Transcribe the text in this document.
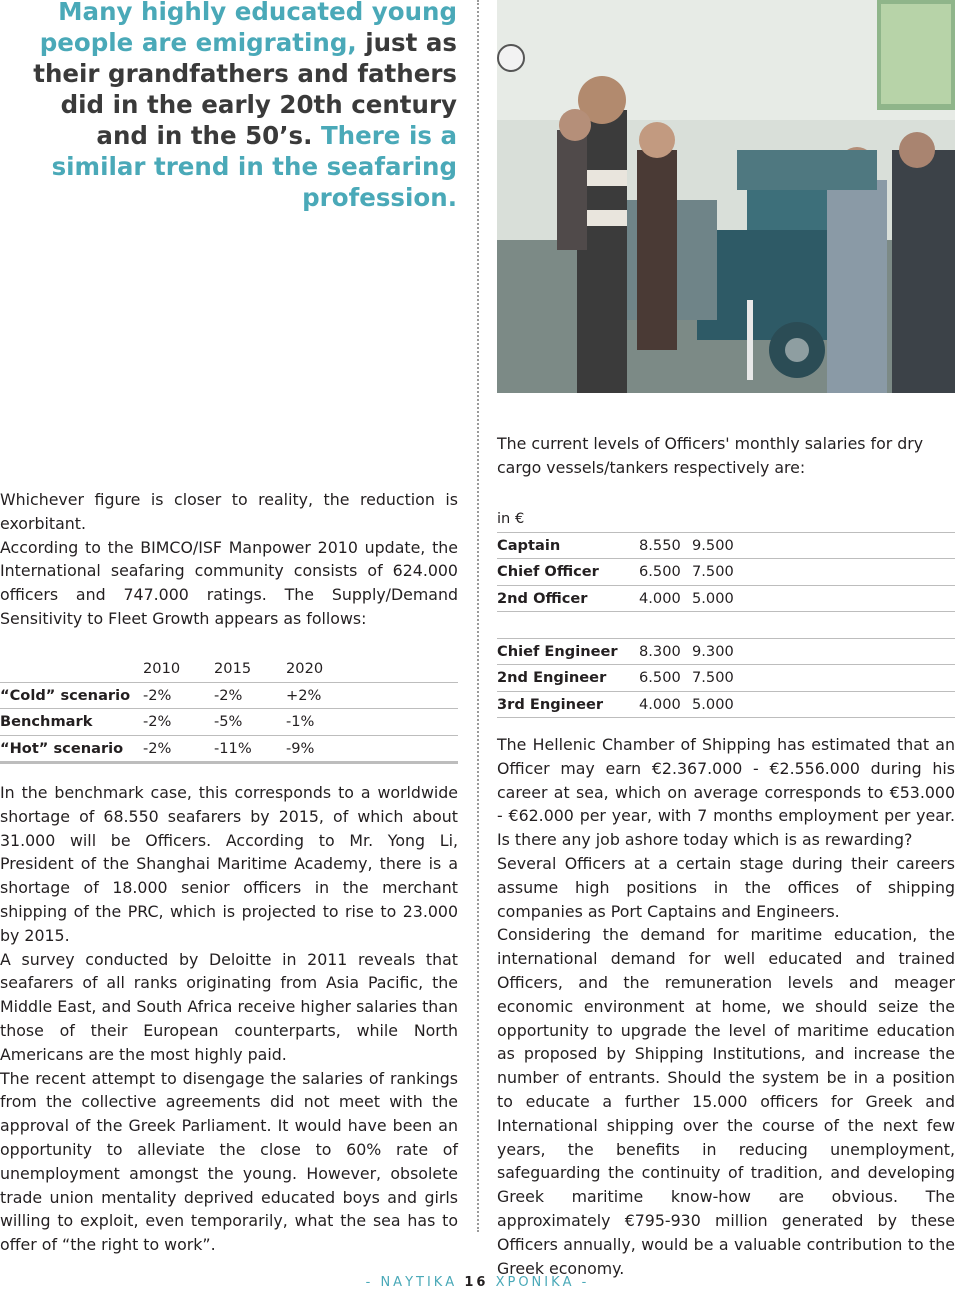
Many highly educated young people are emigrating, just as their grandfathers and fathers did in the early 20th century and in the 50’s. There is a similar trend in the seafaring profession.

Whichever figure is closer to reality, the reduction is exorbitant.

According to the BIMCO/ISF Manpower 2010 update, the International seafaring community consists of 624.000 officers and 747.000 ratings. The Supply/Demand Sensitivity to Fleet Growth appears as follows:

	2010	2015	2020
“Cold” scenario	-2%	-2%	+2%
Benchmark	-2%	-5%	-1%
“Hot” scenario	-2%	-11%	-9%

In the benchmark case, this corresponds to a worldwide shortage of 68.550 seafarers by 2015, of which about 31.000 will be Officers. According to Mr. Yong Li, President of the Shanghai Maritime Academy, there is a shortage of 18.000 senior officers in the merchant shipping of the PRC, which is projected to rise to 23.000 by 2015.

A survey conducted by Deloitte in 2011 reveals that seafarers of all ranks originating from Asia Pacific, the Middle East, and South Africa receive higher salaries than those of their European counterparts, while North Americans are the most highly paid.

The recent attempt to disengage the salaries of rankings from the collective agreements did not meet with the approval of the Greek Parliament. It would have been an opportunity to alleviate the close to 60% rate of unemployment amongst the young. However, obsolete trade union mentality deprived educated boys and girls willing to exploit, even temporarily, what the sea has to offer of “the right to work”.

The current levels of Officers' monthly salaries for dry cargo vessels/tankers respectively are:

in €		
Captain	8.550	9.500
Chief Officer	6.500	7.500
2nd Officer	4.000	5.000

Chief Engineer	8.300	9.300
2nd Engineer	6.500	7.500
3rd Engineer	4.000	5.000

The Hellenic Chamber of Shipping has estimated that an Officer may earn €2.367.000 - €2.556.000 during his career at sea, which on average corresponds to €53.000 - €62.000 per year, with 7 months employment per year. Is there any job ashore today which is as rewarding?

Several Officers at a certain stage during their careers assume high positions in the offices of shipping companies as Port Captains and Engineers.

Considering the demand for maritime education, the international demand for well educated and trained Officers, and the remuneration levels and meager economic environment at home, we should seize the opportunity to upgrade the level of maritime education as proposed by Shipping Institutions, and increase the number of entrants. Should the system be in a position to educate a further 15.000 officers for Greek and International shipping over the course of the next few years, the benefits in reducing unemployment, safeguarding the continuity of tradition, and developing Greek maritime know-how are obvious. The approximately €795-930 million generated by these Officers annually, would be a valuable contribution to the Greek economy.

- ΝΑΥΤΙΚΑ 16 ΧΡΟΝΙΚΑ -
